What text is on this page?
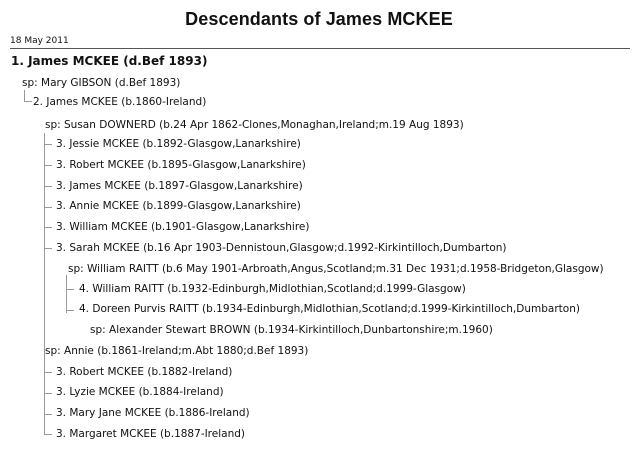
Descendants of James MCKEE
18 May 2011
1. James MCKEE (d.Bef 1893)
sp: Mary GIBSON (d.Bef 1893)
2. James MCKEE (b.1860-Ireland)
sp: Susan DOWNERD (b.24 Apr 1862-Clones,Monaghan,Ireland;m.19 Aug 1893)
3. Jessie MCKEE (b.1892-Glasgow,Lanarkshire)
3. Robert MCKEE (b.1895-Glasgow,Lanarkshire)
3. James MCKEE (b.1897-Glasgow,Lanarkshire)
3. Annie MCKEE (b.1899-Glasgow,Lanarkshire)
3. William MCKEE (b.1901-Glasgow,Lanarkshire)
3. Sarah MCKEE (b.16 Apr 1903-Dennistoun,Glasgow;d.1992-Kirkintilloch,Dumbarton)
sp: William RAITT (b.6 May 1901-Arbroath,Angus,Scotland;m.31 Dec 1931;d.1958-Bridgeton,Glasgow)
4. William RAITT (b.1932-Edinburgh,Midlothian,Scotland;d.1999-Glasgow)
4. Doreen Purvis RAITT (b.1934-Edinburgh,Midlothian,Scotland;d.1999-Kirkintilloch,Dumbarton)
sp: Alexander Stewart BROWN (b.1934-Kirkintilloch,Dunbartonshire;m.1960)
sp: Annie (b.1861-Ireland;m.Abt 1880;d.Bef 1893)
3. Robert MCKEE (b.1882-Ireland)
3. Lyzie MCKEE (b.1884-Ireland)
3. Mary Jane MCKEE (b.1886-Ireland)
3. Margaret MCKEE (b.1887-Ireland)
